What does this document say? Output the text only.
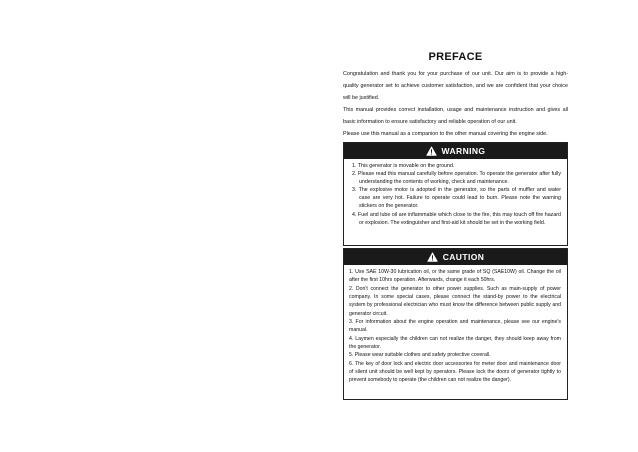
PREFACE

Congratulation and thank you for your purchase of our unit. Our aim is to provide a high-quality generator set to achieve customer satisfaction, and we are confident that your choice will be justified.

This manual provides correct installation, usage and maintenance instruction and gives all basic information to ensure satisfactory and reliable operation of our unit.

Please use this manual as a companion to the other manual covering the engine side.

WARNING
1. This generator is movable on the ground.
2. Please read this manual carefully before operation. To operate the generator after fully understanding the contents of working, check and maintenance.
3. The explosive motor is adopted in the generator, so the parts of muffler and water case are very hot. Failure to operate could lead to burn. Please note the warning stickers on the generator.
4. Fuel and lube oil are inflammable which close to the fire, this may touch off fire hazard or explosion. The extinguisher and first-aid kit should be set in the working field.
CAUTION
1. Use SAE 10W-30 lubrication oil, or the same grade of SQ (SAE10W) oil. Change the oil after the first 10hrs operation. Afterwards, change it each 50hrs.
2. Don't connect the generator to other power supplies. Such as main-supply of power company. In some special cases, please connect the stand-by power to the electrical system by professional electrician who must know the difference between public supply and generator circuit.
3. For information about the engine operation and maintenance, please see our engine's manual.
4. Laymen especially the children can not realize the danger, they should keep away from the generator.
5. Please wear suitable clothes and safety protective coverall.
6. The key of door lock and electric door accessories for meter door and maintenance door of silent unit should be well kept by operators. Please lock the doors of generator tightly to prevent somebody to operate (the children can not realize the danger).
